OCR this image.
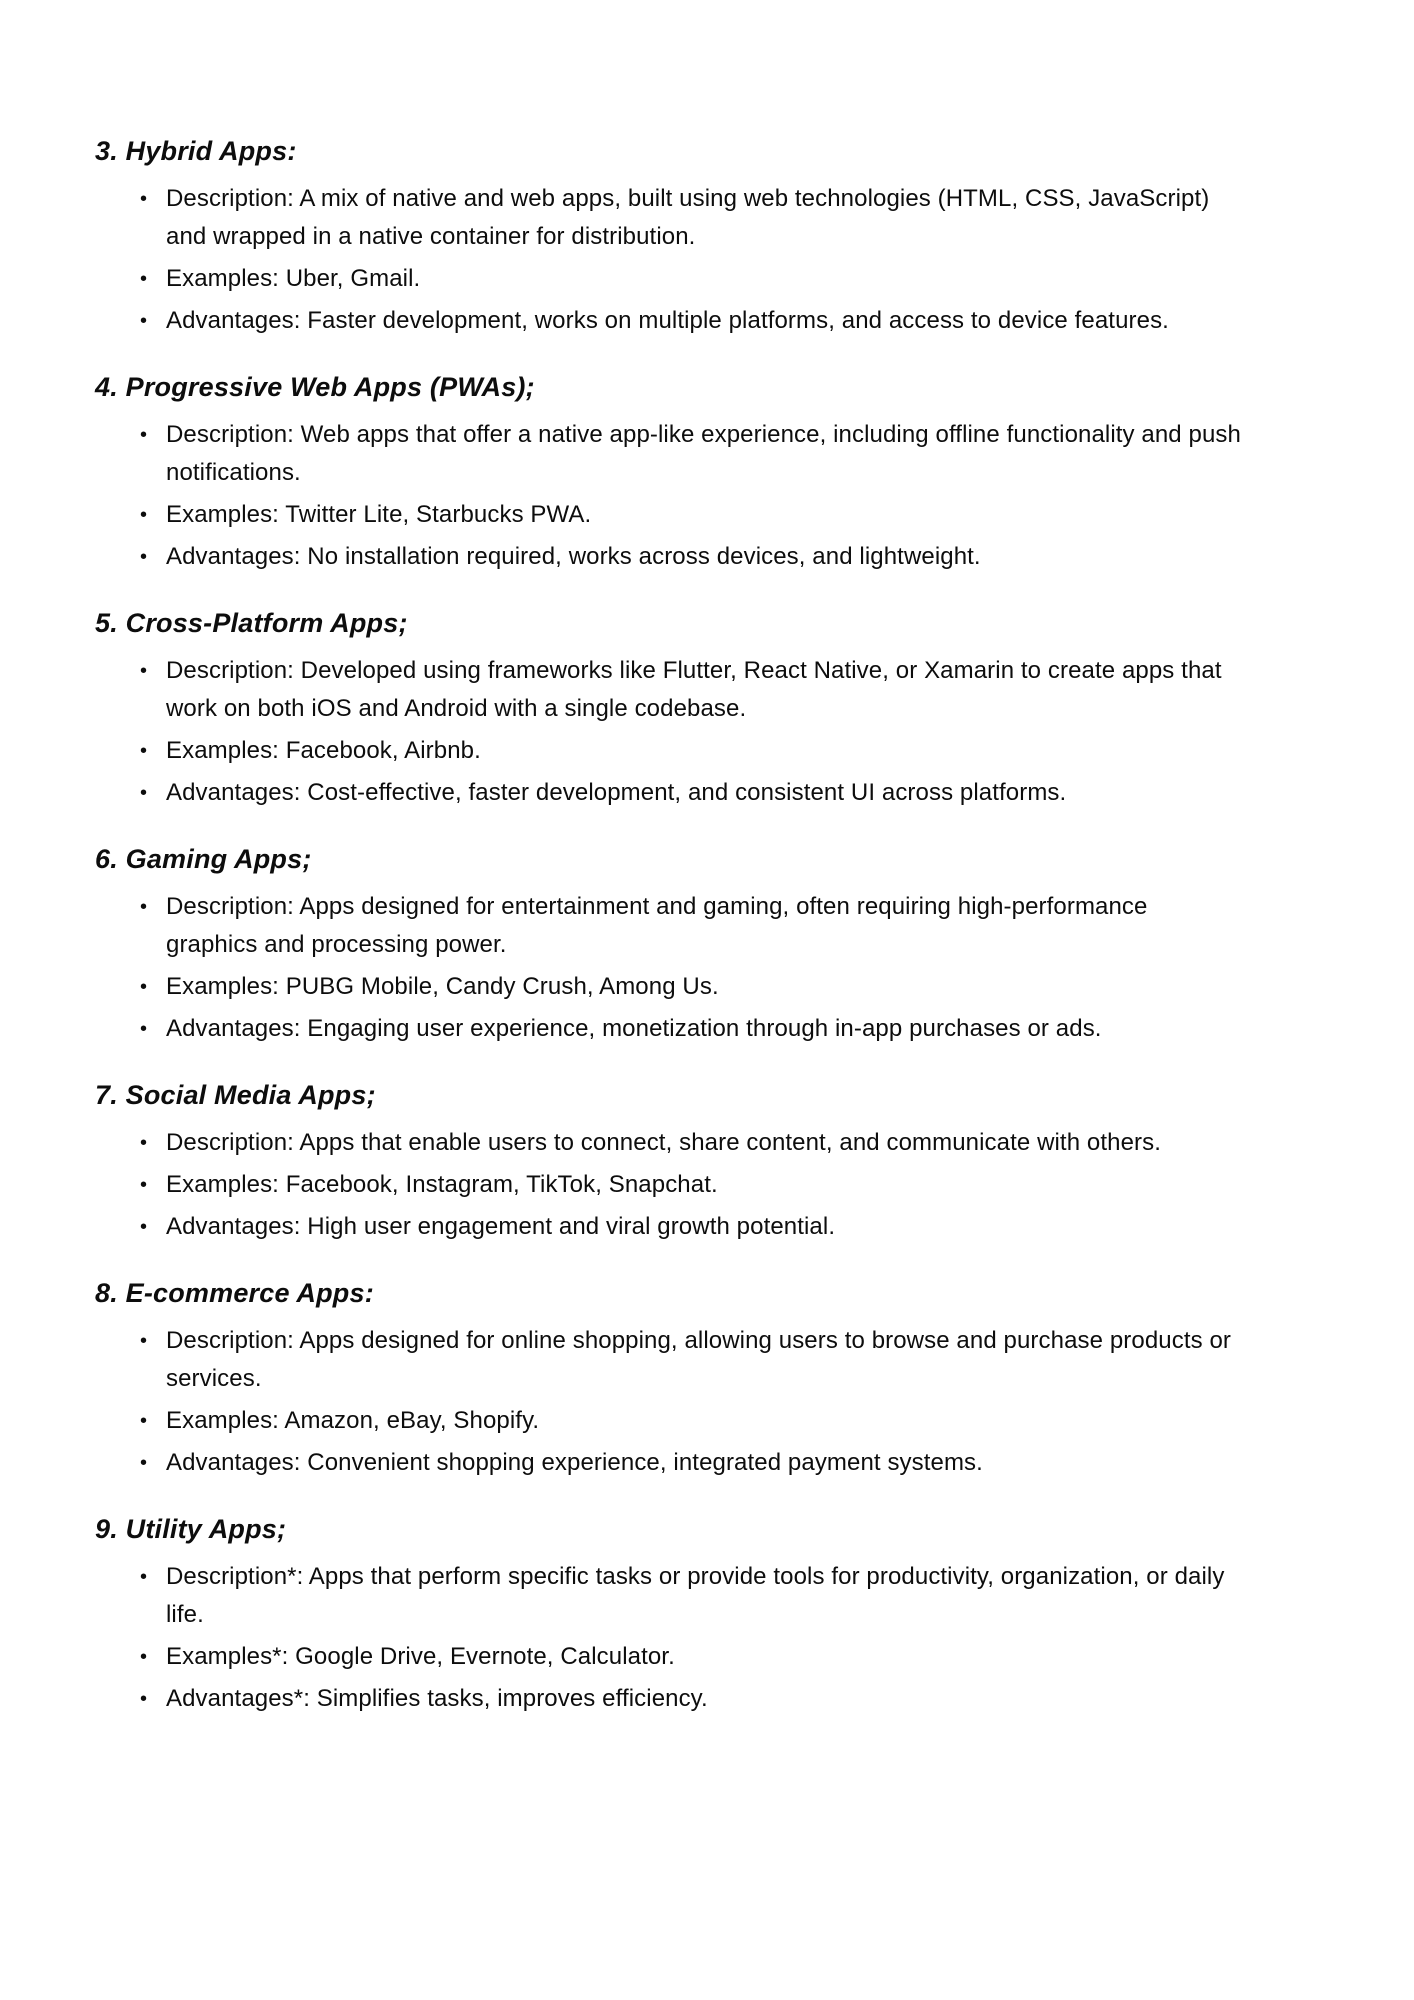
3. Hybrid Apps:
• Description: A mix of native and web apps, built using web technologies (HTML, CSS, JavaScript) and wrapped in a native container for distribution.
• Examples: Uber, Gmail.
• Advantages: Faster development, works on multiple platforms, and access to device features.
4. Progressive Web Apps (PWAs);
• Description: Web apps that offer a native app-like experience, including offline functionality and push notifications.
• Examples: Twitter Lite, Starbucks PWA.
• Advantages: No installation required, works across devices, and lightweight.
5. Cross-Platform Apps;
• Description: Developed using frameworks like Flutter, React Native, or Xamarin to create apps that work on both iOS and Android with a single codebase.
• Examples: Facebook, Airbnb.
• Advantages: Cost-effective, faster development, and consistent UI across platforms.
6. Gaming Apps;
• Description: Apps designed for entertainment and gaming, often requiring high-performance graphics and processing power.
• Examples: PUBG Mobile, Candy Crush, Among Us.
• Advantages: Engaging user experience, monetization through in-app purchases or ads.
7. Social Media Apps;
• Description: Apps that enable users to connect, share content, and communicate with others.
• Examples: Facebook, Instagram, TikTok, Snapchat.
• Advantages: High user engagement and viral growth potential.
8. E-commerce Apps:
• Description: Apps designed for online shopping, allowing users to browse and purchase products or services.
• Examples: Amazon, eBay, Shopify.
• Advantages: Convenient shopping experience, integrated payment systems.
9. Utility Apps;
• Description*: Apps that perform specific tasks or provide tools for productivity, organization, or daily life.
• Examples*: Google Drive, Evernote, Calculator.
• Advantages*: Simplifies tasks, improves efficiency.
